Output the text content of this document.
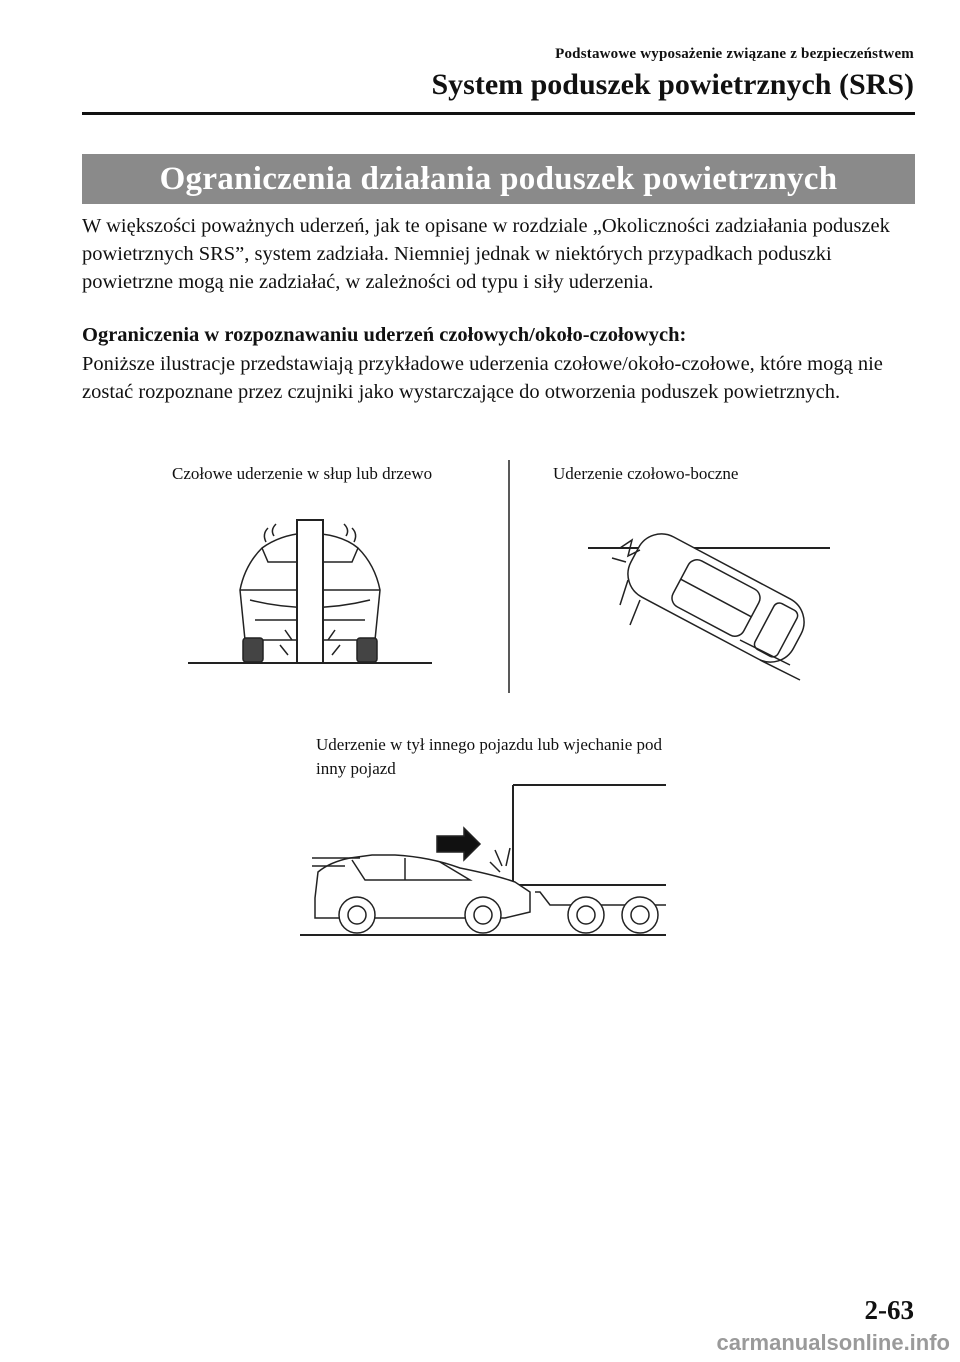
Podstawowe wyposażenie związane z bezpieczeństwem
System poduszek powietrznych (SRS)
Ograniczenia działania poduszek powietrznych
W większości poważnych uderzeń, jak te opisane w rozdziale „Okoliczności zadziałania poduszek powietrznych SRS”, system zadziała. Niemniej jednak w niektórych przypadkach poduszki powietrzne mogą nie zadziałać, w zależności od typu i siły uderzenia.
Ograniczenia w rozpoznawaniu uderzeń czołowych/około-czołowych:
Poniższe ilustracje przedstawiają przykładowe uderzenia czołowe/około-czołowe, które mogą nie zostać rozpoznane przez czujniki jako wystarczające do otworzenia poduszek powietrznych.
Czołowe uderzenie w słup lub drzewo	Uderzenie czołowo-boczne
Uderzenie w tył innego pojazdu lub wjechanie pod inny pojazd
2-63
carmanualsonline.info
